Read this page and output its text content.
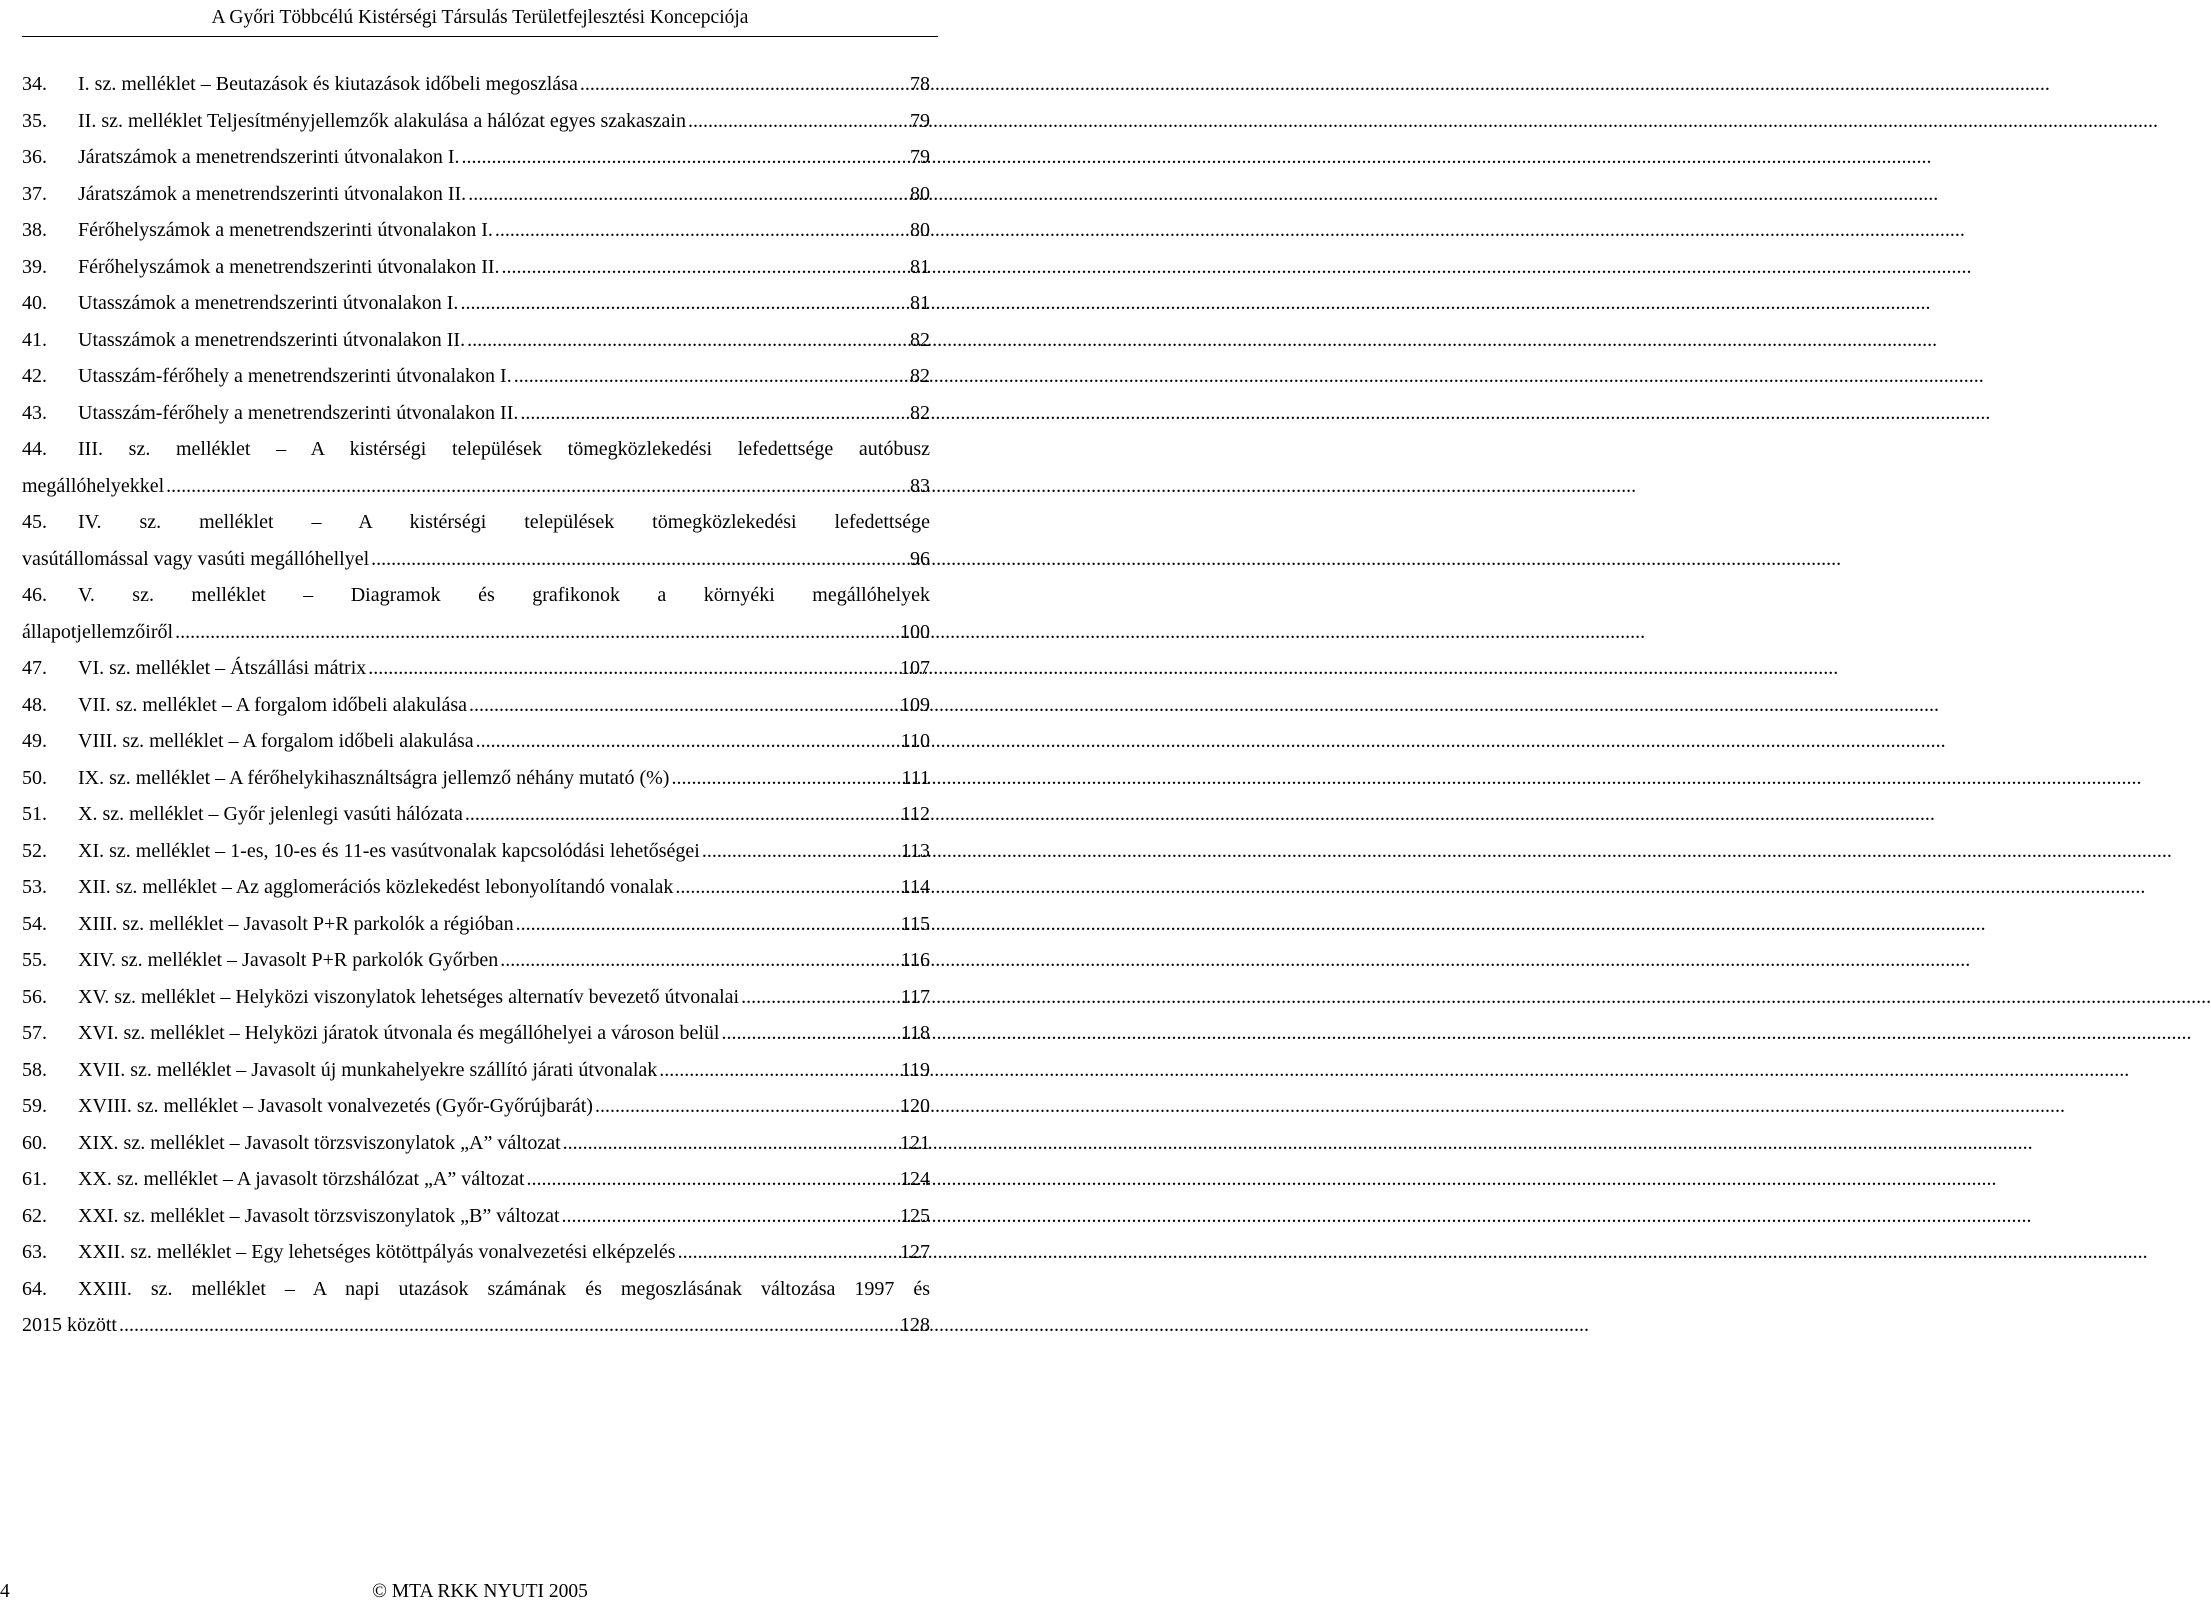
A Győri Többcélú Kistérségi Társulás Területfejlesztési Koncepciója
34.	I. sz. melléklet – Beutazások és kiutazások időbeli megoszlása .....	78
35.	II. sz. melléklet Teljesítményjellemzők alakulása a hálózat egyes szakaszain .....	79
36.	Járatszámok a menetrendszerinti útvonalakon I. .....	79
37.	Járatszámok a menetrendszerinti útvonalakon II. .....	80
38.	Férőhelyszámok a menetrendszerinti útvonalakon I. .....	80
39.	Férőhelyszámok a menetrendszerinti útvonalakon II. .....	81
40.	Utasszámok a menetrendszerinti útvonalakon I. .....	81
41.	Utasszámok a menetrendszerinti útvonalakon II. .....	82
42.	Utasszám-férőhely a menetrendszerinti útvonalakon I. .....	82
43.	Utasszám-férőhely a menetrendszerinti útvonalakon II. .....	82
44.	III. sz. melléklet – A kistérségi települések tömegközlekedési lefedettsége autóbusz
megállóhelyekkel .....	83
45.	IV. sz. melléklet – A kistérségi települések tömegközlekedési lefedettsége
vasútállomással vagy vasúti megállóhellyel .....	96
46.	V. sz. melléklet – Diagramok és grafikonok a környéki megállóhelyek
állapotjellemzőiről .....	100
47.	VI. sz. melléklet – Átszállási mátrix .....	107
48.	VII. sz. melléklet – A forgalom időbeli alakulása .....	109
49.	VIII. sz. melléklet – A forgalom időbeli alakulása .....	110
50.	IX. sz. melléklet – A férőhelykihasználtságra jellemző néhány mutató (%) .....	111
51.	X. sz. melléklet – Győr jelenlegi vasúti hálózata .....	112
52.	XI. sz. melléklet – 1-es, 10-es és 11-es vasútvonalak kapcsolódási lehetőségei .....	113
53.	XII. sz. melléklet – Az agglomerációs közlekedést lebonyolítandó vonalak .....	114
54.	XIII. sz. melléklet – Javasolt P+R parkolók a régióban .....	115
55.	XIV. sz. melléklet – Javasolt P+R parkolók Győrben .....	116
56.	XV. sz. melléklet – Helyközi viszonylatok lehetséges alternatív bevezető útvonalai .....	117
57.	XVI. sz. melléklet – Helyközi járatok útvonala és megállóhelyei a városon belül .....	118
58.	XVII. sz. melléklet – Javasolt új munkahelyekre szállító járati útvonalak .....	119
59.	XVIII. sz. melléklet – Javasolt vonalvezetés (Győr-Győrújbarát) .....	120
60.	XIX. sz. melléklet – Javasolt törzsviszonylatok „A” változat .....	121
61.	XX. sz. melléklet – A javasolt törzshálózat „A” változat .....	124
62.	XXI. sz. melléklet – Javasolt törzsviszonylatok „B” változat .....	125
63.	XXII. sz. melléklet – Egy lehetséges kötöttpályás vonalvezetési elképzelés .....	127
64.	XXIII. sz. melléklet – A napi utazások számának és megoszlásának változása 1997 és
2015 között .....	128
4	© MTA RKK NYUTI 2005
